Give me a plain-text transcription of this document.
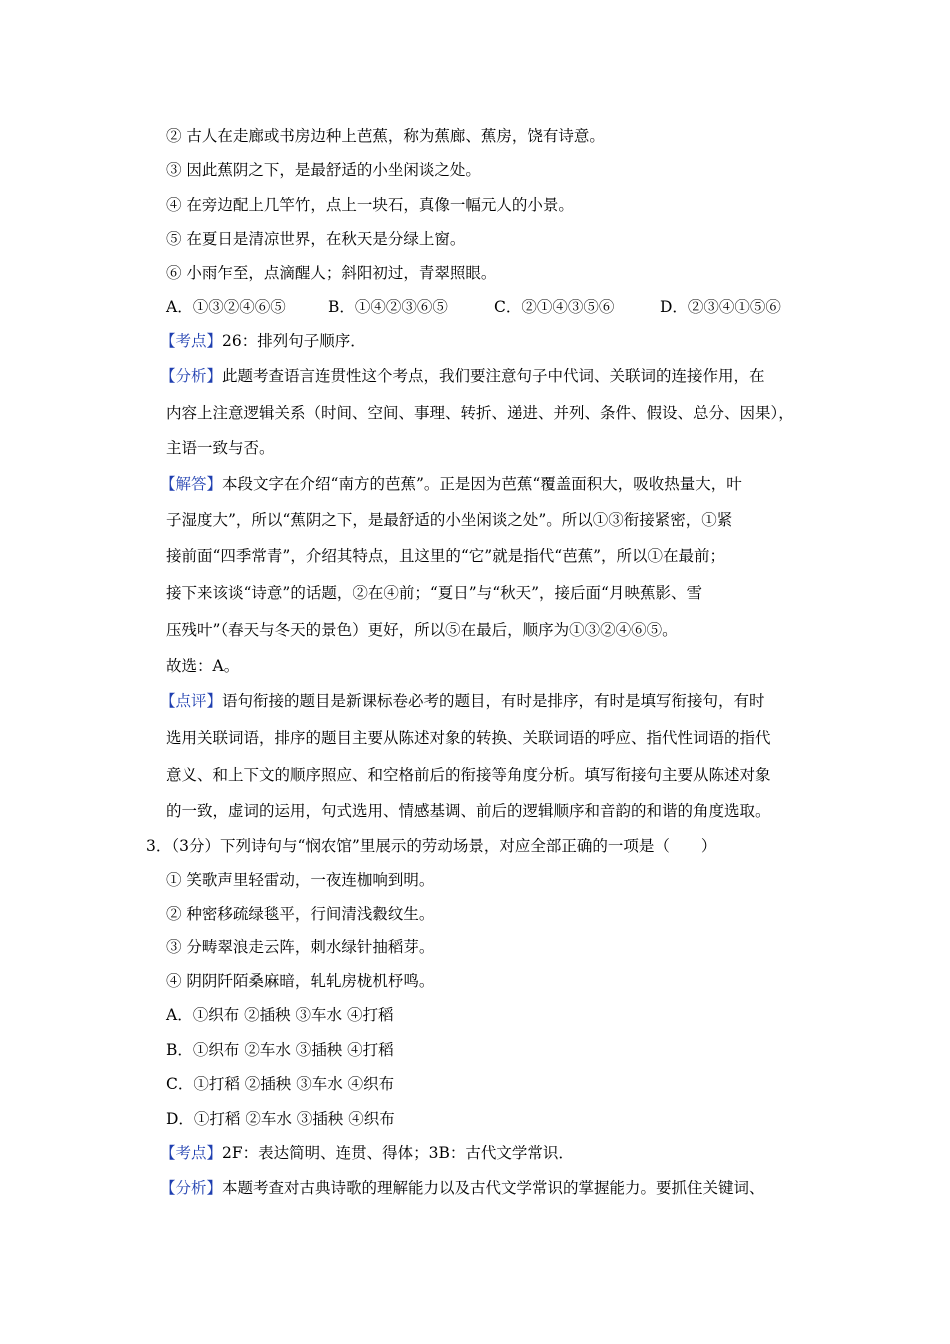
② 古人在走廊或书房边种上芭蕉，称为蕉廊、蕉房，饶有诗意。
③ 因此蕉阴之下，是最舒适的小坐闲谈之处。
④ 在旁边配上几竿竹，点上一块石，真像一幅元人的小景。
⑤ 在夏日是清凉世界，在秋天是分绿上窗。
⑥ 小雨乍至，点滴醒人；斜阳初过，青翠照眼。
A．①③②④⑥⑤	B．①④②③⑥⑤	C．②①④③⑤⑥	D．②③④①⑤⑥
【考点】26：排列句子顺序．
【分析】此题考查语言连贯性这个考点，我们要注意句子中代词、关联词的连接作用，在
内容上注意逻辑关系（时间、空间、事理、转折、递进、并列、条件、假设、总分、因果），
主语一致与否。
【解答】本段文字在介绍“南方的芭蕉”。正是因为芭蕉“覆盖面积大，吸收热量大，叶
子湿度大”，所以“蕉阴之下，是最舒适的小坐闲谈之处”。所以①③衔接紧密，①紧
接前面“四季常青”，介绍其特点，且这里的“它”就是指代“芭蕉”，所以①在最前；
接下来该谈“诗意”的话题，②在④前；“夏日”与“秋天”，接后面“月映蕉影、雪
压残叶”（春天与冬天的景色）更好，所以⑤在最后，顺序为①③②④⑥⑤。
故选：A。
【点评】语句衔接的题目是新课标卷必考的题目，有时是排序，有时是填写衔接句，有时
选用关联词语，排序的题目主要从陈述对象的转换、关联词语的呼应、指代性词语的指代
意义、和上下文的顺序照应、和空格前后的衔接等角度分析。填写衔接句主要从陈述对象
的一致，虚词的运用，句式选用、情感基调、前后的逻辑顺序和音韵的和谐的角度选取。
3．（3分）下列诗句与“悯农馆”里展示的劳动场景，对应全部正确的一项是（　　）
① 笑歌声里轻雷动，一夜连枷响到明。
② 种密移疏绿毯平，行间清浅縠纹生。
③ 分畴翠浪走云阵，刺水绿针抽稻芽。
④ 阴阴阡陌桑麻暗，轧轧房栊机杼鸣。
A．①织布 ②插秧 ③车水 ④打稻
B．①织布 ②车水 ③插秧 ④打稻
C．①打稻 ②插秧 ③车水 ④织布
D．①打稻 ②车水 ③插秧 ④织布
【考点】2F：表达简明、连贯、得体；3B：古代文学常识．
【分析】本题考查对古典诗歌的理解能力以及古代文学常识的掌握能力。要抓住关键词、
